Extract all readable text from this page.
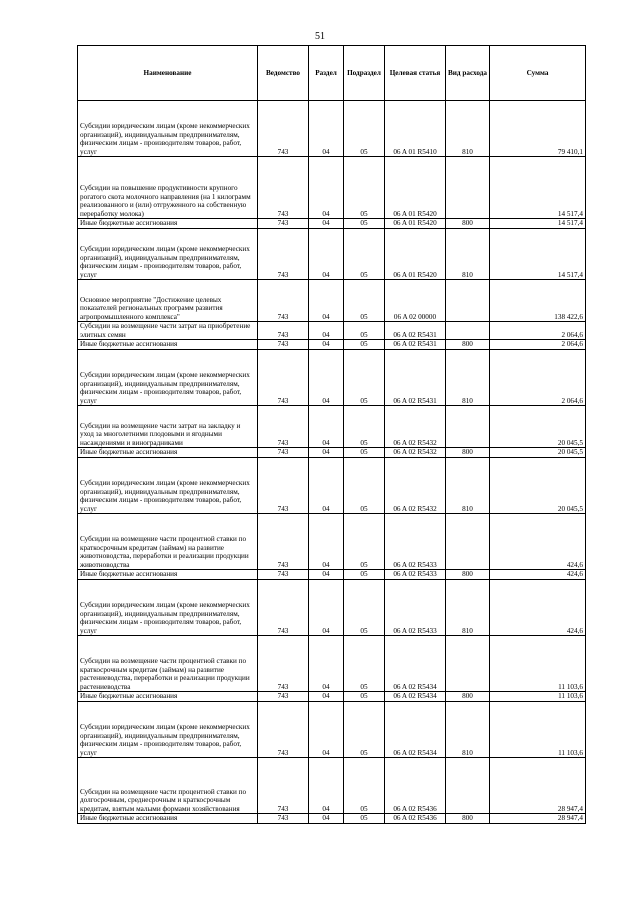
51
Наименование	Ведомство	Раздел	Подраздел	Целевая статья	Вид расхода	Сумма

Субсидии юридическим лицам (кроме некоммерческих организаций), индивидуальным предпринимателям, физическим лицам - производителям товаров, работ, услуг	743	04	05	06 A 01 R5410	810	79 410,1

Субсидии на повышение продуктивности крупного рогатого скота молочного направления (на 1 килограмм реализованного и (или) отгруженного на собственную переработку молока)	743	04	05	06 A 01 R5420		14 517,4

Иные бюджетные ассигнования	743	04	05	06 A 01 R5420	800	14 517,4

Субсидии юридическим лицам (кроме некоммерческих организаций), индивидуальным предпринимателям, физическим лицам - производителям товаров, работ, услуг	743	04	05	06 A 01 R5420	810	14 517,4

Основное мероприятие "Достижение целевых показателей региональных программ развития агропромышленного комплекса"	743	04	05	06 A 02 00000		138 422,6

Субсидии на возмещение части затрат на приобретение элитных семян	743	04	05	06 A 02 R5431		2 064,6

Иные бюджетные ассигнования	743	04	05	06 A 02 R5431	800	2 064,6

Субсидии юридическим лицам (кроме некоммерческих организаций), индивидуальным предпринимателям, физическим лицам - производителям товаров, работ, услуг	743	04	05	06 A 02 R5431	810	2 064,6

Субсидии на возмещение части затрат на закладку и уход за многолетними плодовыми и ягодными насаждениями и виноградниками	743	04	05	06 A 02 R5432		20 045,5

Иные бюджетные ассигнования	743	04	05	06 A 02 R5432	800	20 045,5

Субсидии юридическим лицам (кроме некоммерческих организаций), индивидуальным предпринимателям, физическим лицам - производителям товаров, работ, услуг	743	04	05	06 A 02 R5432	810	20 045,5

Субсидии на возмещение части процентной ставки по краткосрочным кредитам (займам) на развитие животноводства, переработки и реализации продукции животноводства	743	04	05	06 A 02 R5433		424,6

Иные бюджетные ассигнования	743	04	05	06 A 02 R5433	800	424,6

Субсидии юридическим лицам (кроме некоммерческих организаций), индивидуальным предпринимателям, физическим лицам - производителям товаров, работ, услуг	743	04	05	06 A 02 R5433	810	424,6

Субсидии на возмещение части процентной ставки по краткосрочным кредитам (займам) на развитие растениеводства, переработки и реализации продукции растениеводства	743	04	05	06 A 02 R5434		11 103,6

Иные бюджетные ассигнования	743	04	05	06 A 02 R5434	800	11 103,6

Субсидии юридическим лицам (кроме некоммерческих организаций), индивидуальным предпринимателям, физическим лицам - производителям товаров, работ, услуг	743	04	05	06 A 02 R5434	810	11 103,6

Субсидии на возмещение части процентной ставки по долгосрочным, среднесрочным и краткосрочным кредитам, взятым малыми формами хозяйствования	743	04	05	06 A 02 R5436		28 947,4

Иные бюджетные ассигнования	743	04	05	06 A 02 R5436	800	28 947,4
